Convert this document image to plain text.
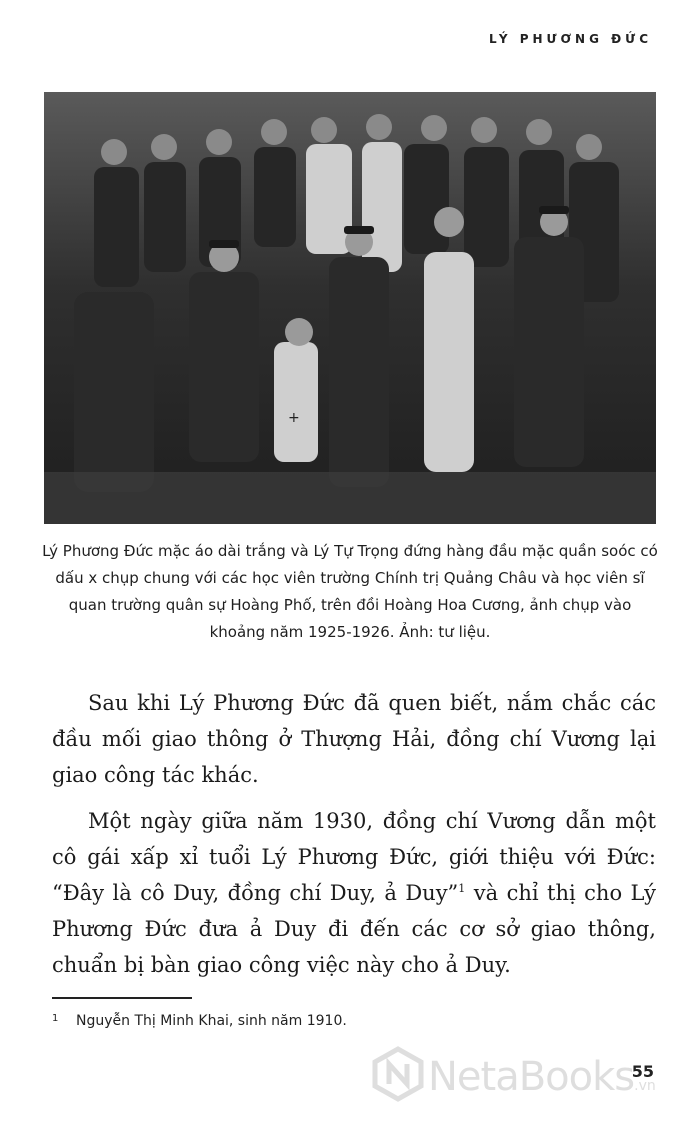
LÝ PHƯƠNG ĐỨC
+
Lý Phương Đức mặc áo dài trắng và Lý Tự Trọng đứng hàng đầu mặc quần soóc có dấu x chụp chung với các học viên trường Chính trị Quảng Châu và học viên sĩ quan trường quân sự Hoàng Phố, trên đồi Hoàng Hoa Cương, ảnh chụp vào khoảng năm 1925-1926. Ảnh: tư liệu.

Sau khi Lý Phương Đức đã quen biết, nắm chắc các đầu mối giao thông ở Thượng Hải, đồng chí Vương lại giao công tác khác.

Một ngày giữa năm 1930, đồng chí Vương dẫn một cô gái xấp xỉ tuổi Lý Phương Đức, giới thiệu với Đức: “Đây là cô Duy, đồng chí Duy, ả Duy”$^1$ và chỉ thị cho Lý Phương Đức đưa ả Duy đi đến các cơ sở giao thông, chuẩn bị bàn giao công việc này cho ả Duy.

1 Nguyễn Thị Minh Khai, sinh năm 1910.
NetaBooks.vn
55
